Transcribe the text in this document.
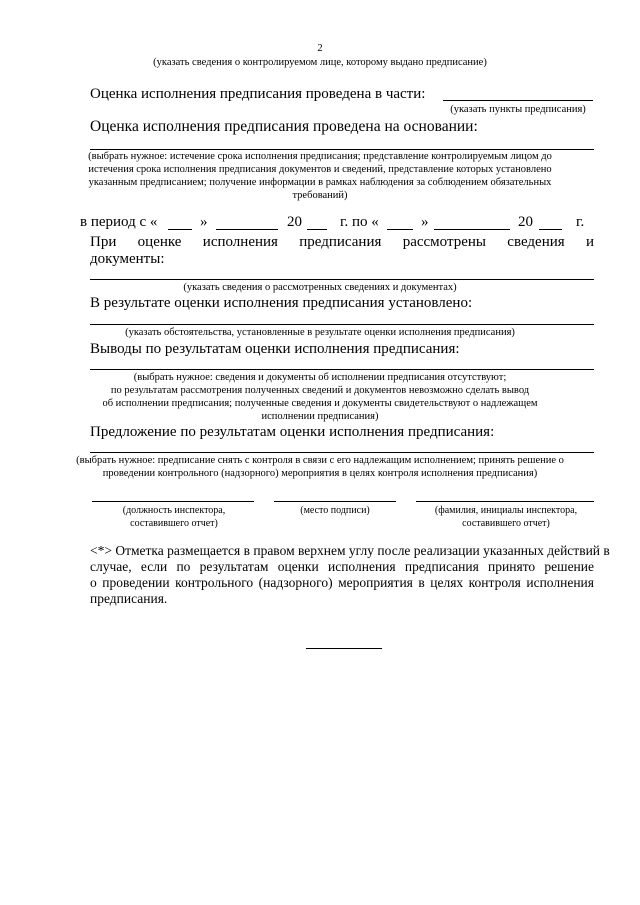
2
(указать сведения о контролируемом лице, которому выдано предписание)
Оценка исполнения предписания проведена в части:
(указать пункты предписания)
Оценка исполнения предписания проведена на основании:
(выбрать нужное: истечение срока исполнения предписания; представление контролируемым лицом до
истечения срока исполнения предписания документов и сведений, представление которых установлено
указанным предписанием; получение информации в рамках наблюдения за соблюдением обязательных
требований)
в период с «	»	20	г. по «	»	20	г.
При оценке исполнения предписания рассмотрены сведения и
документы:
(указать сведения о рассмотренных сведениях и документах)
В результате оценки исполнения предписания установлено:
(указать обстоятельства, установленные в результате оценки исполнения предписания)
Выводы по результатам оценки исполнения предписания:
(выбрать нужное: сведения и документы об исполнении предписания отсутствуют;
по результатам рассмотрения полученных сведений и документов невозможно сделать вывод
об исполнении предписания; полученные сведения и документы свидетельствуют о надлежащем
исполнении предписания)
Предложение по результатам оценки исполнения предписания:
(выбрать нужное: предписание снять с контроля в связи с его надлежащим исполнением; принять решение о
проведении контрольного (надзорного) мероприятия в целях контроля исполнения предписания)
(должность инспектора, составившего отчет)
(место подписи)	(фамилия, инициалы инспектора, составившего отчет)
<*> Отметка размещается в правом верхнем углу после реализации указанных действий в
случае, если по результатам оценки исполнения предписания принято решение
о проведении контрольного (надзорного) мероприятия в целях контроля исполнения
предписания.
